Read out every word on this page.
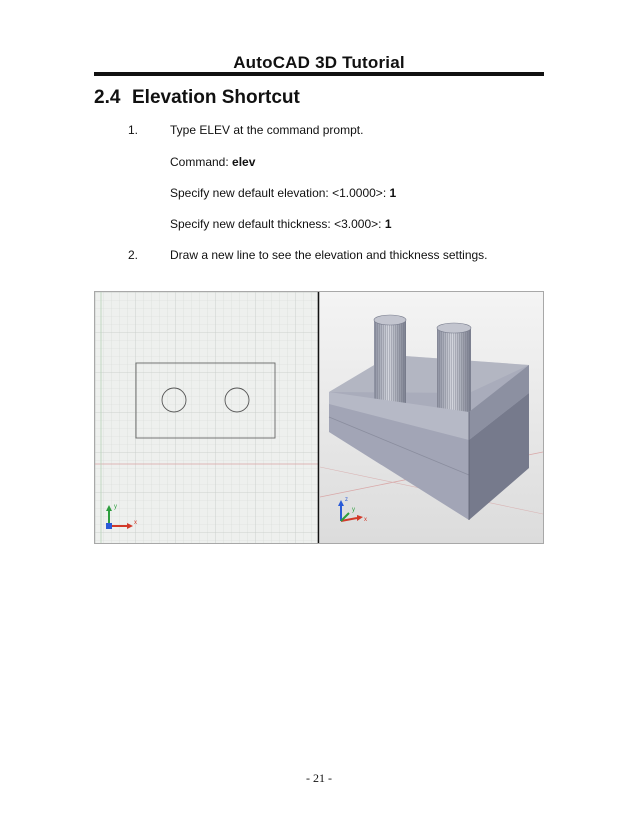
AutoCAD 3D Tutorial
2.4 Elevation Shortcut
1.	Type ELEV at the command prompt.
Command: elev
Specify new default elevation: <1.0000>: 1
Specify new default thickness: <3.000>: 1
2.	Draw a new line to see the elevation and thickness settings.
y
x
z
y
x
- 21 -
